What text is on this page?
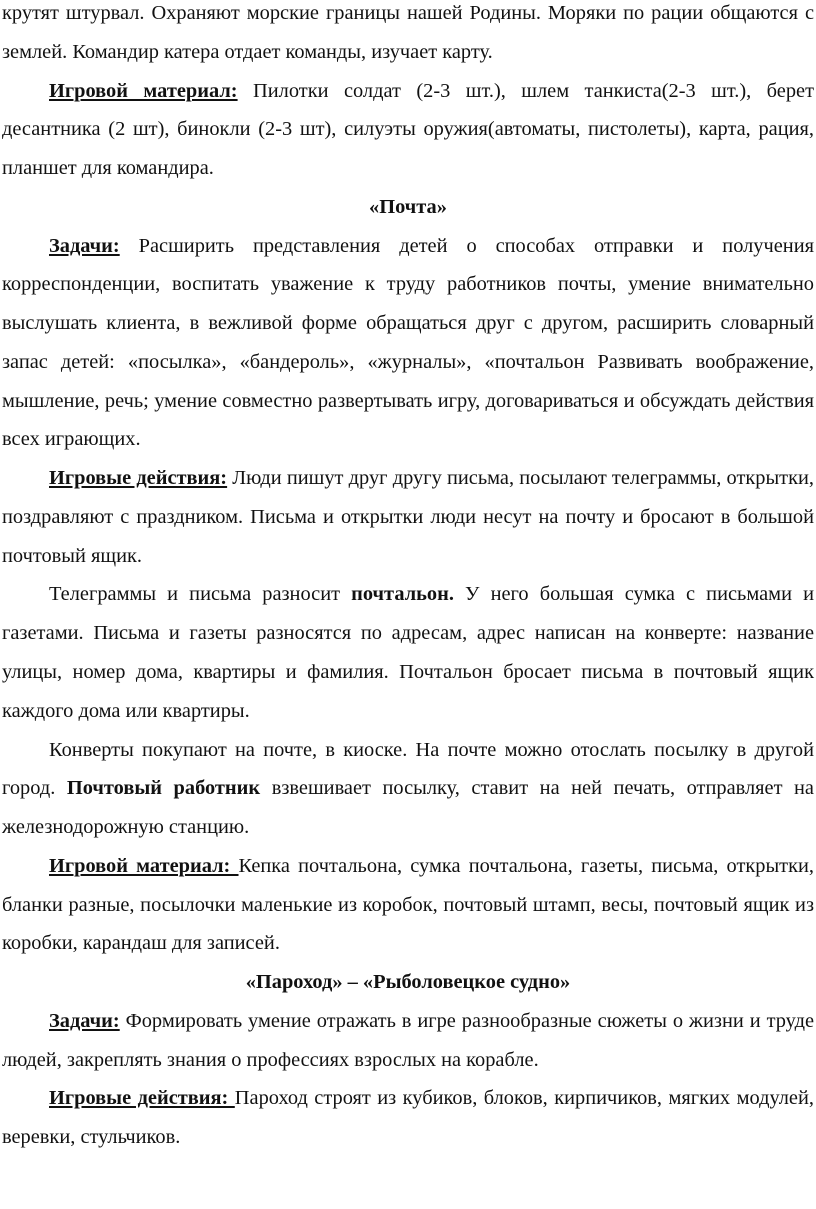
крутят штурвал. Охраняют морские границы нашей Родины. Моряки по рации общаются с землей. Командир катера отдает команды, изучает карту.

Игровой материал: Пилотки солдат (2-3 шт.), шлем танкиста(2-3 шт.), берет десантника (2 шт), бинокли (2-3 шт), силуэты оружия(автоматы, пистолеты), карта, рация, планшет для командира.

«Почта»

Задачи: Расширить представления детей о способах отправки и получения корреспонденции, воспитать уважение к труду работников почты, умение внимательно выслушать клиента, в вежливой форме обращаться друг с другом, расширить словарный запас детей: «посылка», «бандероль», «журналы», «почтальон Развивать воображение, мышление, речь; умение совместно развертывать игру, договариваться и обсуждать действия всех играющих.

Игровые действия: Люди пишут друг другу письма, посылают телеграммы, открытки, поздравляют с праздником. Письма и открытки люди несут на почту и бросают в большой почтовый ящик.

Телеграммы и письма разносит почтальон. У него большая сумка с письмами и газетами. Письма и газеты разносятся по адресам, адрес написан на конверте: название улицы, номер дома, квартиры и фамилия. Почтальон бросает письма в почтовый ящик каждого дома или квартиры.

Конверты покупают на почте, в киоске. На почте можно отослать посылку в другой город. Почтовый работник взвешивает посылку, ставит на ней печать, отправляет на железнодорожную станцию.

Игровой материал: Кепка почтальона, сумка почтальона, газеты, письма, открытки, бланки разные, посылочки маленькие из коробок, почтовый штамп, весы, почтовый ящик из коробки, карандаш для записей.

«Пароход» – «Рыболовецкое судно»

Задачи: Формировать умение отражать в игре разнообразные сюжеты о жизни и труде людей, закреплять знания о профессиях взрослых на корабле.

Игровые действия: Пароход строят из кубиков, блоков, кирпичиков, мягких модулей, веревки, стульчиков.
